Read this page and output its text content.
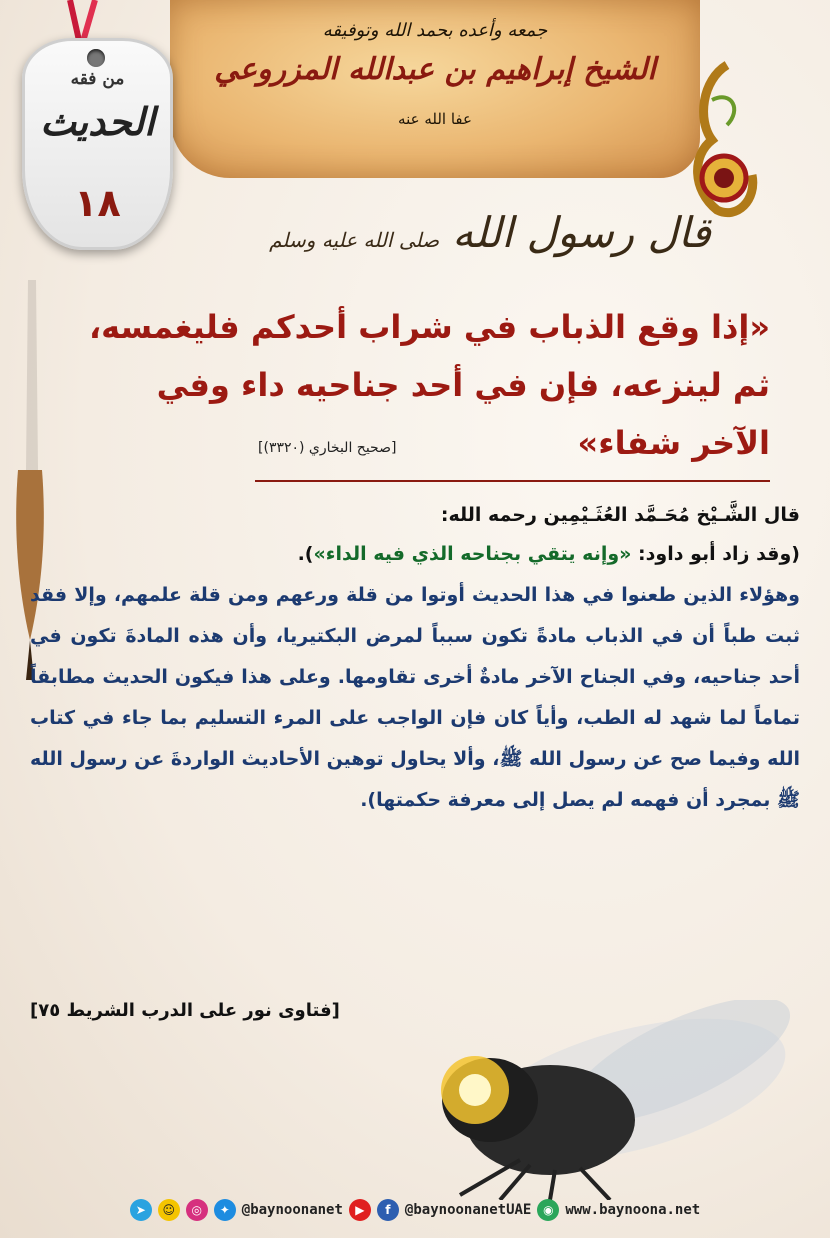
جمعه وأعده بحمد الله وتوفيقه
الشيخ إبراهيم بن عبدالله المزروعي
عفا الله عنه
من فقه
الحديث
١٨
قال رسول الله صلى الله عليه وسلم
«إذا وقع الذباب في شراب أحدكم فليغمسه، ثم لينزعه، فإن في أحد جناحيه داء وفي الآخر شفاء»
[صحيح البخاري (٣٣٢٠)]
قال الشَّـيْخ مُحَـمَّد العُثَـيْمِين رحمه الله:
(وقد زاد أبو داود: «وإنه يتقي بجناحه الذي فيه الداء»).
وهؤلاء الذين طعنوا في هذا الحديث أوتوا من قلة ورعهم ومن قلة علمهم، وإلا فقد ثبت طباً أن في الذباب مادةً تكون سبباً لمرض البكتيريا، وأن هذه المادةَ تكون في أحد جناحيه، وفي الجناح الآخر مادةٌ أخرى تقاومها. وعلى هذا فيكون الحديث مطابقاً تماماً لما شهد له الطب، وأياً كان فإن الواجب على المرء التسليم بما جاء في كتاب الله وفيما صح عن رسول الله ﷺ، وألا يحاول توهين الأحاديث الواردةَ عن رسول الله ﷺ بمجرد أن فهمه لم يصل إلى معرفة حكمتها).
[فتاوى نور على الدرب الشريط ٧٥]
➤	☺	◎	✦ @baynoonanet	▶	f	@baynoonanetUAE ◉ www.baynoona.net
